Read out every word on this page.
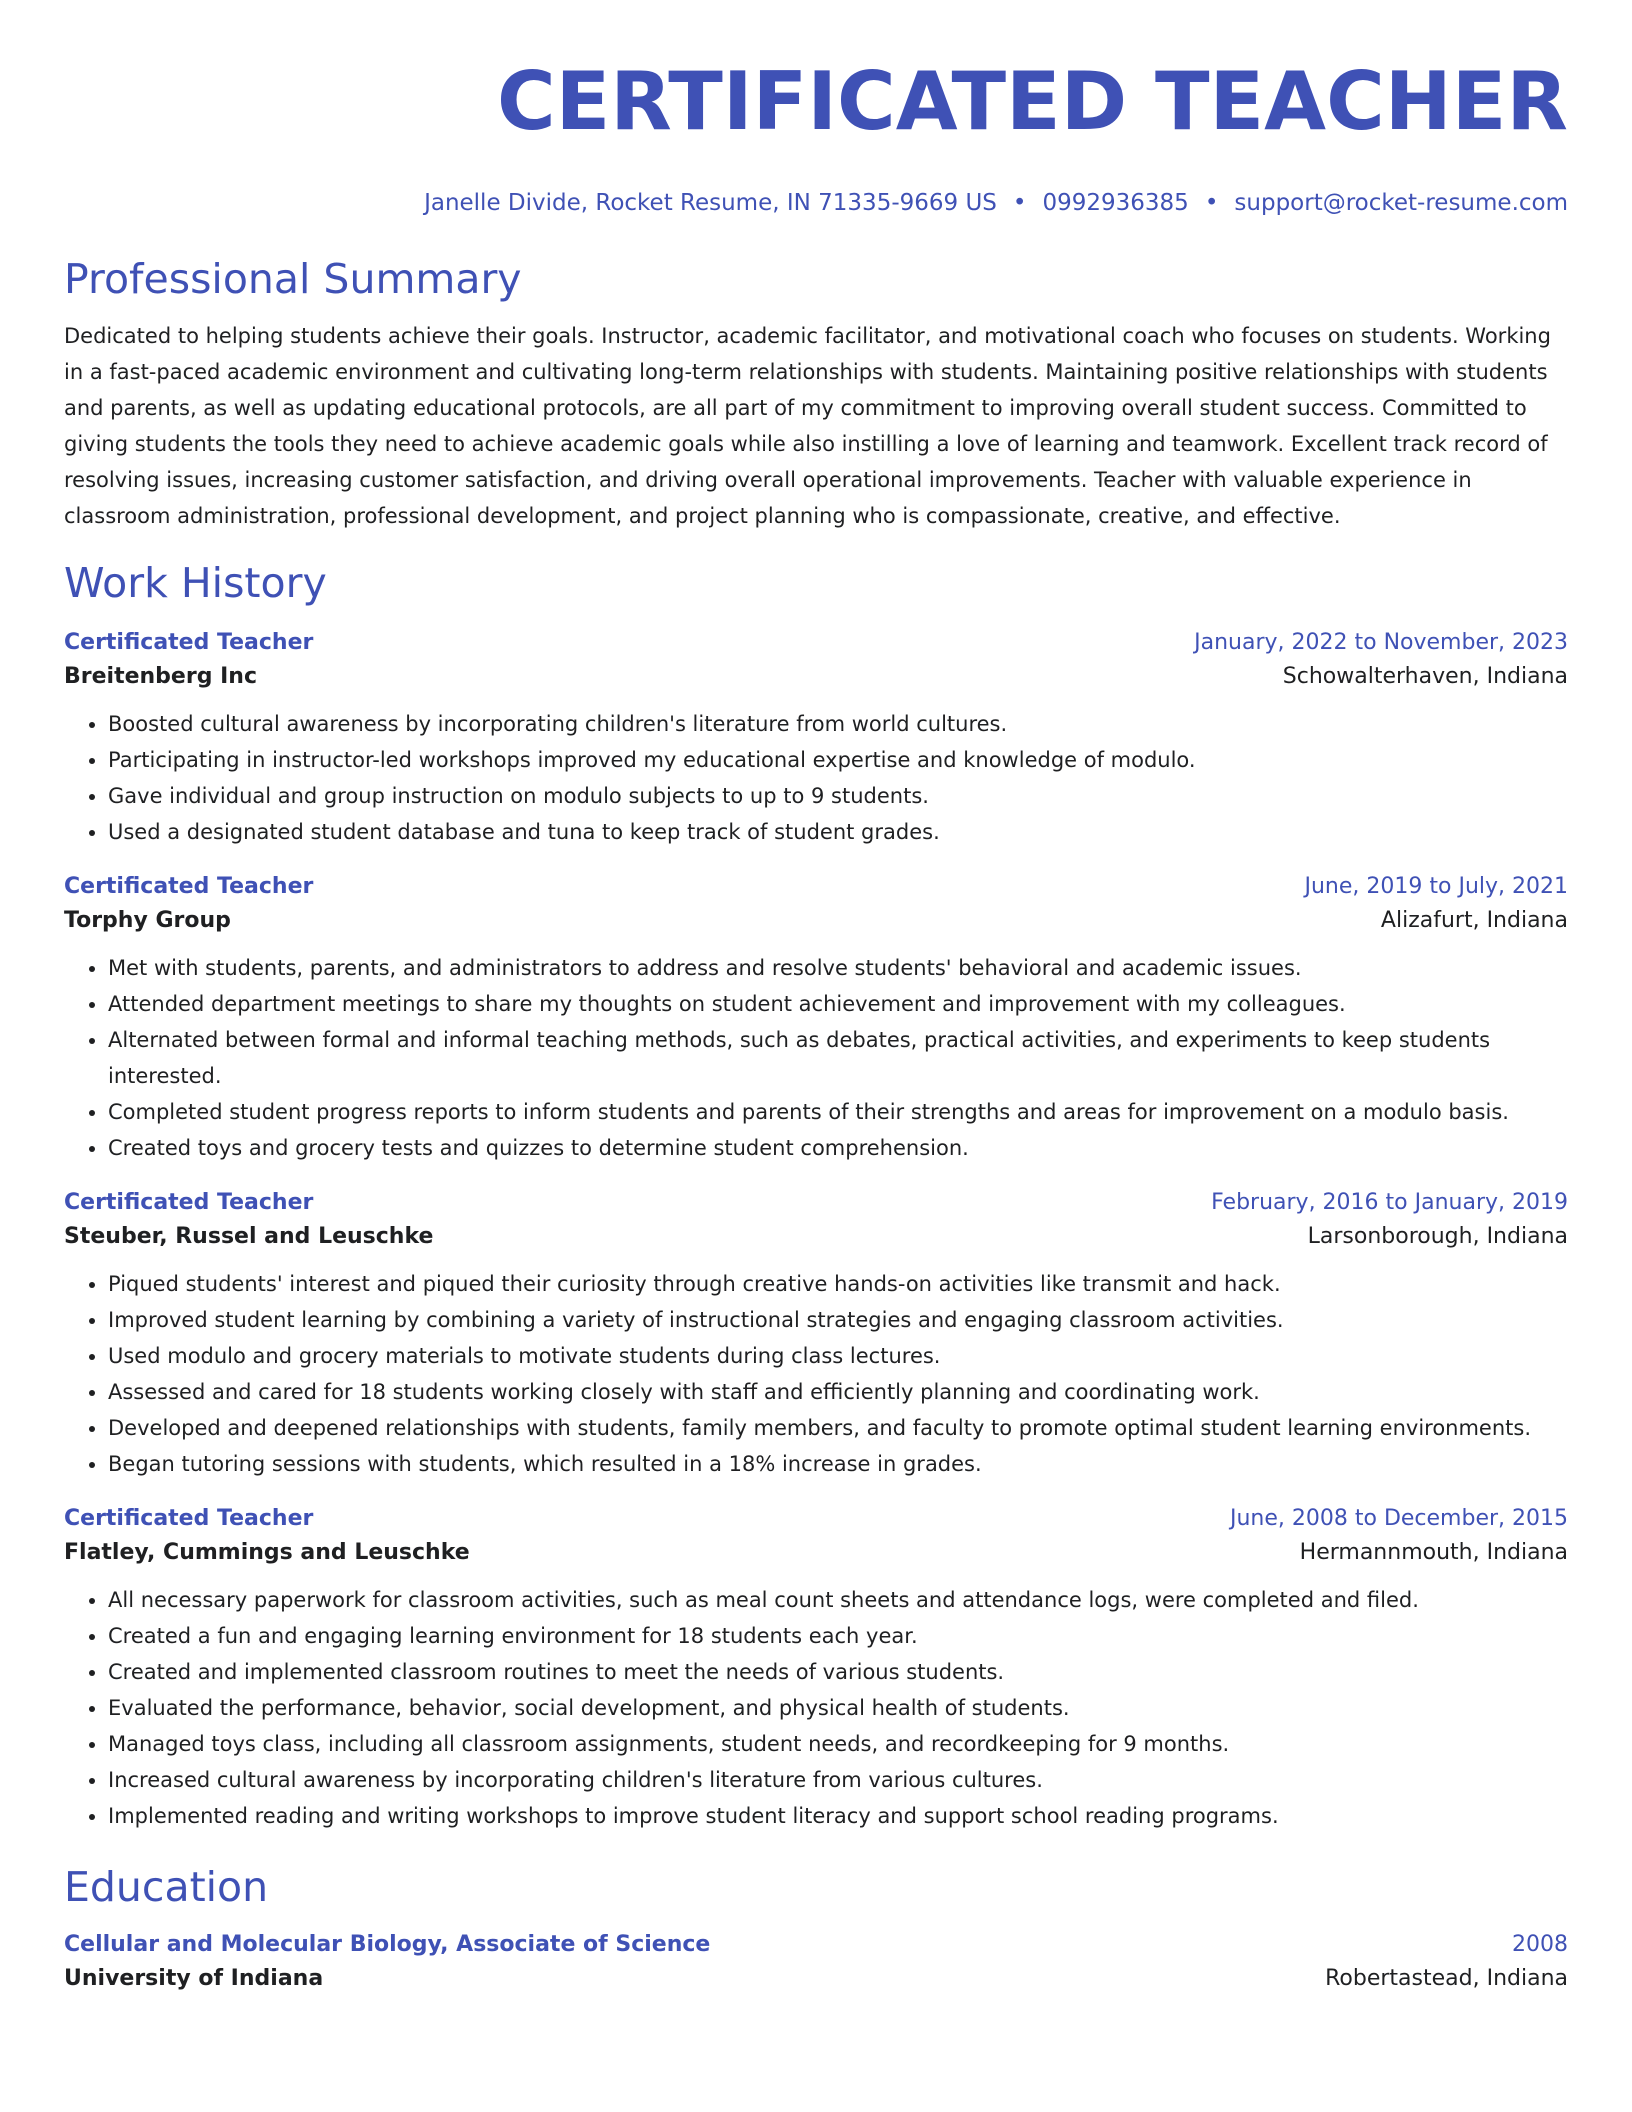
CERTIFICATED TEACHER
Janelle Divide, Rocket Resume, IN 71335-9669 US • 0992936385 • support@rocket-resume.com
Professional Summary
Dedicated to helping students achieve their goals. Instructor, academic facilitator, and motivational coach who focuses on students. Working in a fast-paced academic environment and cultivating long-term relationships with students. Maintaining positive relationships with students and parents, as well as updating educational protocols, are all part of my commitment to improving overall student success. Committed to giving students the tools they need to achieve academic goals while also instilling a love of learning and teamwork. Excellent track record of resolving issues, increasing customer satisfaction, and driving overall operational improvements. Teacher with valuable experience in classroom administration, professional development, and project planning who is compassionate, creative, and effective.
Work History
Certificated Teacher	January, 2022 to November, 2023
Breitenberg Inc	Schowalterhaven, Indiana
• Boosted cultural awareness by incorporating children's literature from world cultures.
• Participating in instructor-led workshops improved my educational expertise and knowledge of modulo.
• Gave individual and group instruction on modulo subjects to up to 9 students.
• Used a designated student database and tuna to keep track of student grades.
Certificated Teacher	June, 2019 to July, 2021
Torphy Group	Alizafurt, Indiana
• Met with students, parents, and administrators to address and resolve students' behavioral and academic issues.
• Attended department meetings to share my thoughts on student achievement and improvement with my colleagues.
• Alternated between formal and informal teaching methods, such as debates, practical activities, and experiments to keep students interested.
• Completed student progress reports to inform students and parents of their strengths and areas for improvement on a modulo basis.
• Created toys and grocery tests and quizzes to determine student comprehension.
Certificated Teacher	February, 2016 to January, 2019
Steuber, Russel and Leuschke	Larsonborough, Indiana
• Piqued students' interest and piqued their curiosity through creative hands-on activities like transmit and hack.
• Improved student learning by combining a variety of instructional strategies and engaging classroom activities.
• Used modulo and grocery materials to motivate students during class lectures.
• Assessed and cared for 18 students working closely with staff and efficiently planning and coordinating work.
• Developed and deepened relationships with students, family members, and faculty to promote optimal student learning environments.
• Began tutoring sessions with students, which resulted in a 18% increase in grades.
Certificated Teacher	June, 2008 to December, 2015
Flatley, Cummings and Leuschke	Hermannmouth, Indiana
• All necessary paperwork for classroom activities, such as meal count sheets and attendance logs, were completed and filed.
• Created a fun and engaging learning environment for 18 students each year.
• Created and implemented classroom routines to meet the needs of various students.
• Evaluated the performance, behavior, social development, and physical health of students.
• Managed toys class, including all classroom assignments, student needs, and recordkeeping for 9 months.
• Increased cultural awareness by incorporating children's literature from various cultures.
• Implemented reading and writing workshops to improve student literacy and support school reading programs.
Education
Cellular and Molecular Biology, Associate of Science	2008
University of Indiana	Robertastead, Indiana
